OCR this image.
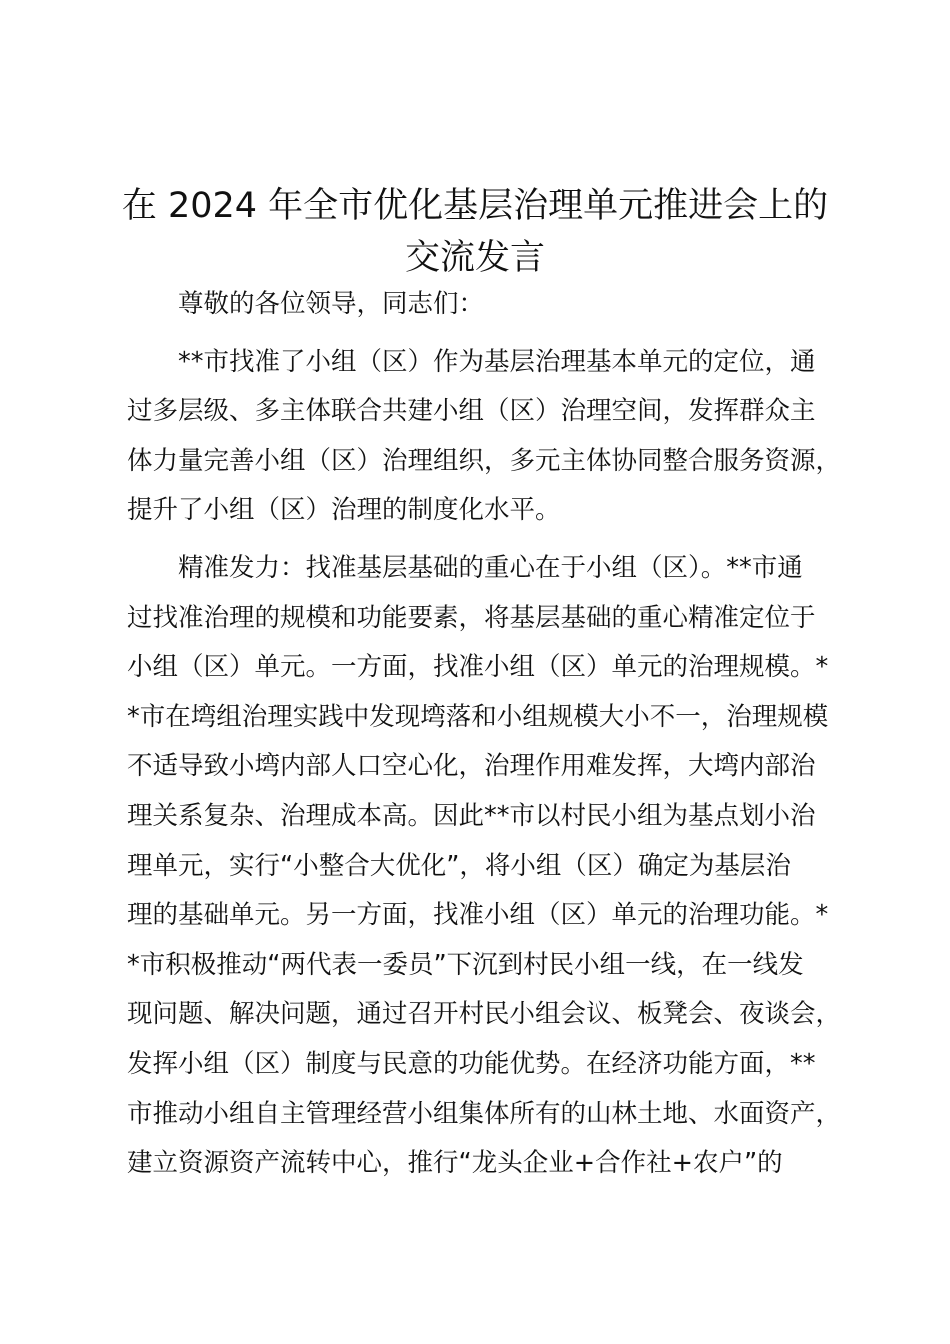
在 2024 年全市优化基层治理单元推进会上的
交流发言
尊敬的各位领导，同志们：
**市找准了小组（区）作为基层治理基本单元的定位，通
过多层级、多主体联合共建小组（区）治理空间，发挥群众主
体力量完善小组（区）治理组织，多元主体协同整合服务资源，
提升了小组（区）治理的制度化水平。
精准发力：找准基层基础的重心在于小组（区）。**市通
过找准治理的规模和功能要素，将基层基础的重心精准定位于
小组（区）单元。一方面，找准小组（区）单元的治理规模。*
*市在塆组治理实践中发现塆落和小组规模大小不一，治理规模
不适导致小塆内部人口空心化，治理作用难发挥，大塆内部治
理关系复杂、治理成本高。因此**市以村民小组为基点划小治
理单元，实行“小整合大优化”，将小组（区）确定为基层治
理的基础单元。另一方面，找准小组（区）单元的治理功能。*
*市积极推动“两代表一委员”下沉到村民小组一线，在一线发
现问题、解决问题，通过召开村民小组会议、板凳会、夜谈会，
发挥小组（区）制度与民意的功能优势。在经济功能方面，**
市推动小组自主管理经营小组集体所有的山林土地、水面资产，
建立资源资产流转中心，推行“龙头企业+合作社+农户”的
